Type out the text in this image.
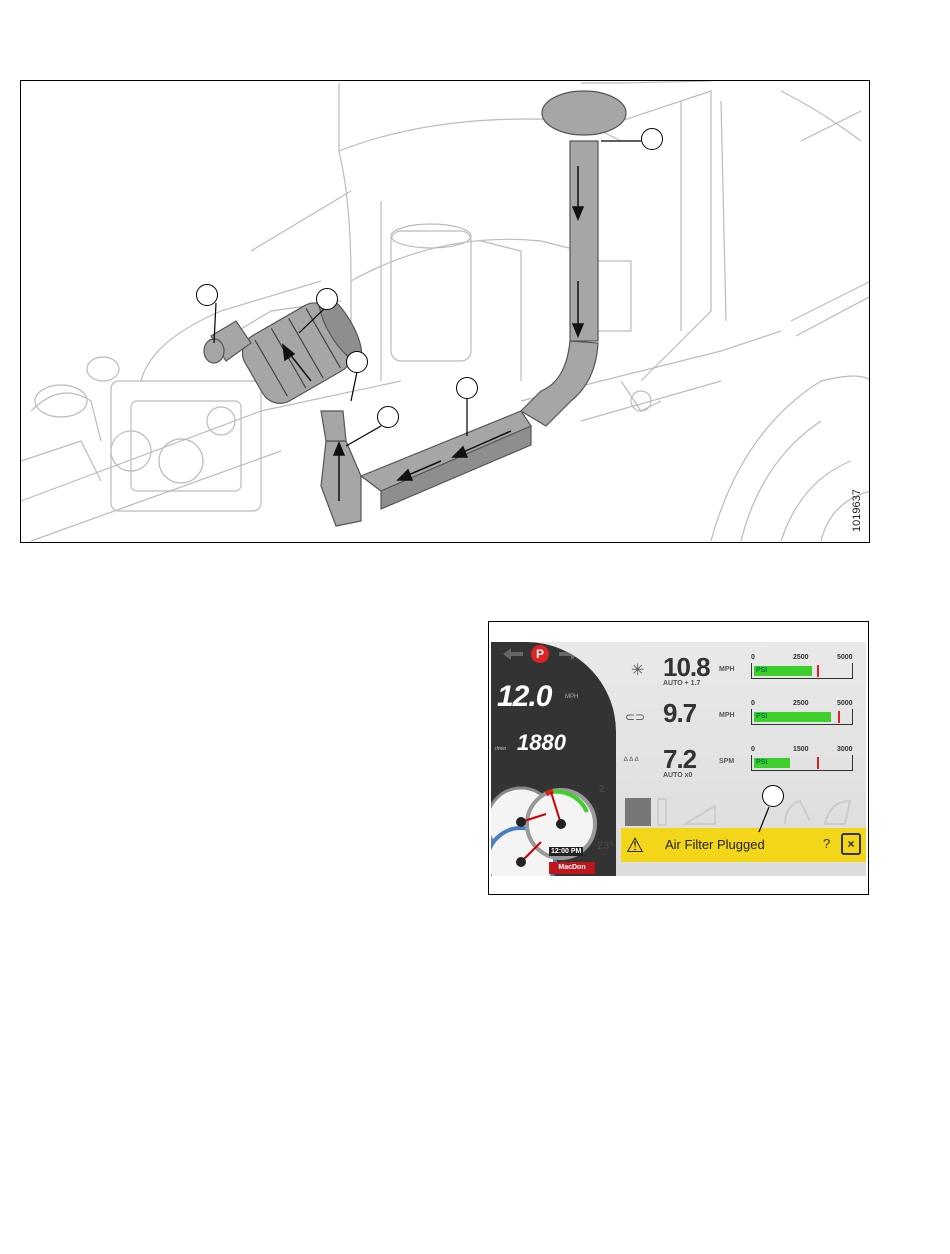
1019637
P
12.0 MPH
r/min 1880
12:00 PM
MacDon
2
23°
✳ 10.8 MPH
AUTO + 1.7
0	2500	5000
PSI
⊂⊃ 9.7	MPH
0	2500	5000
PSI
ᐞᐞᐞ 7.2	SPM
AUTO x0
0	1500	3000
PSI
⚠	Air Filter Plugged	?	×
